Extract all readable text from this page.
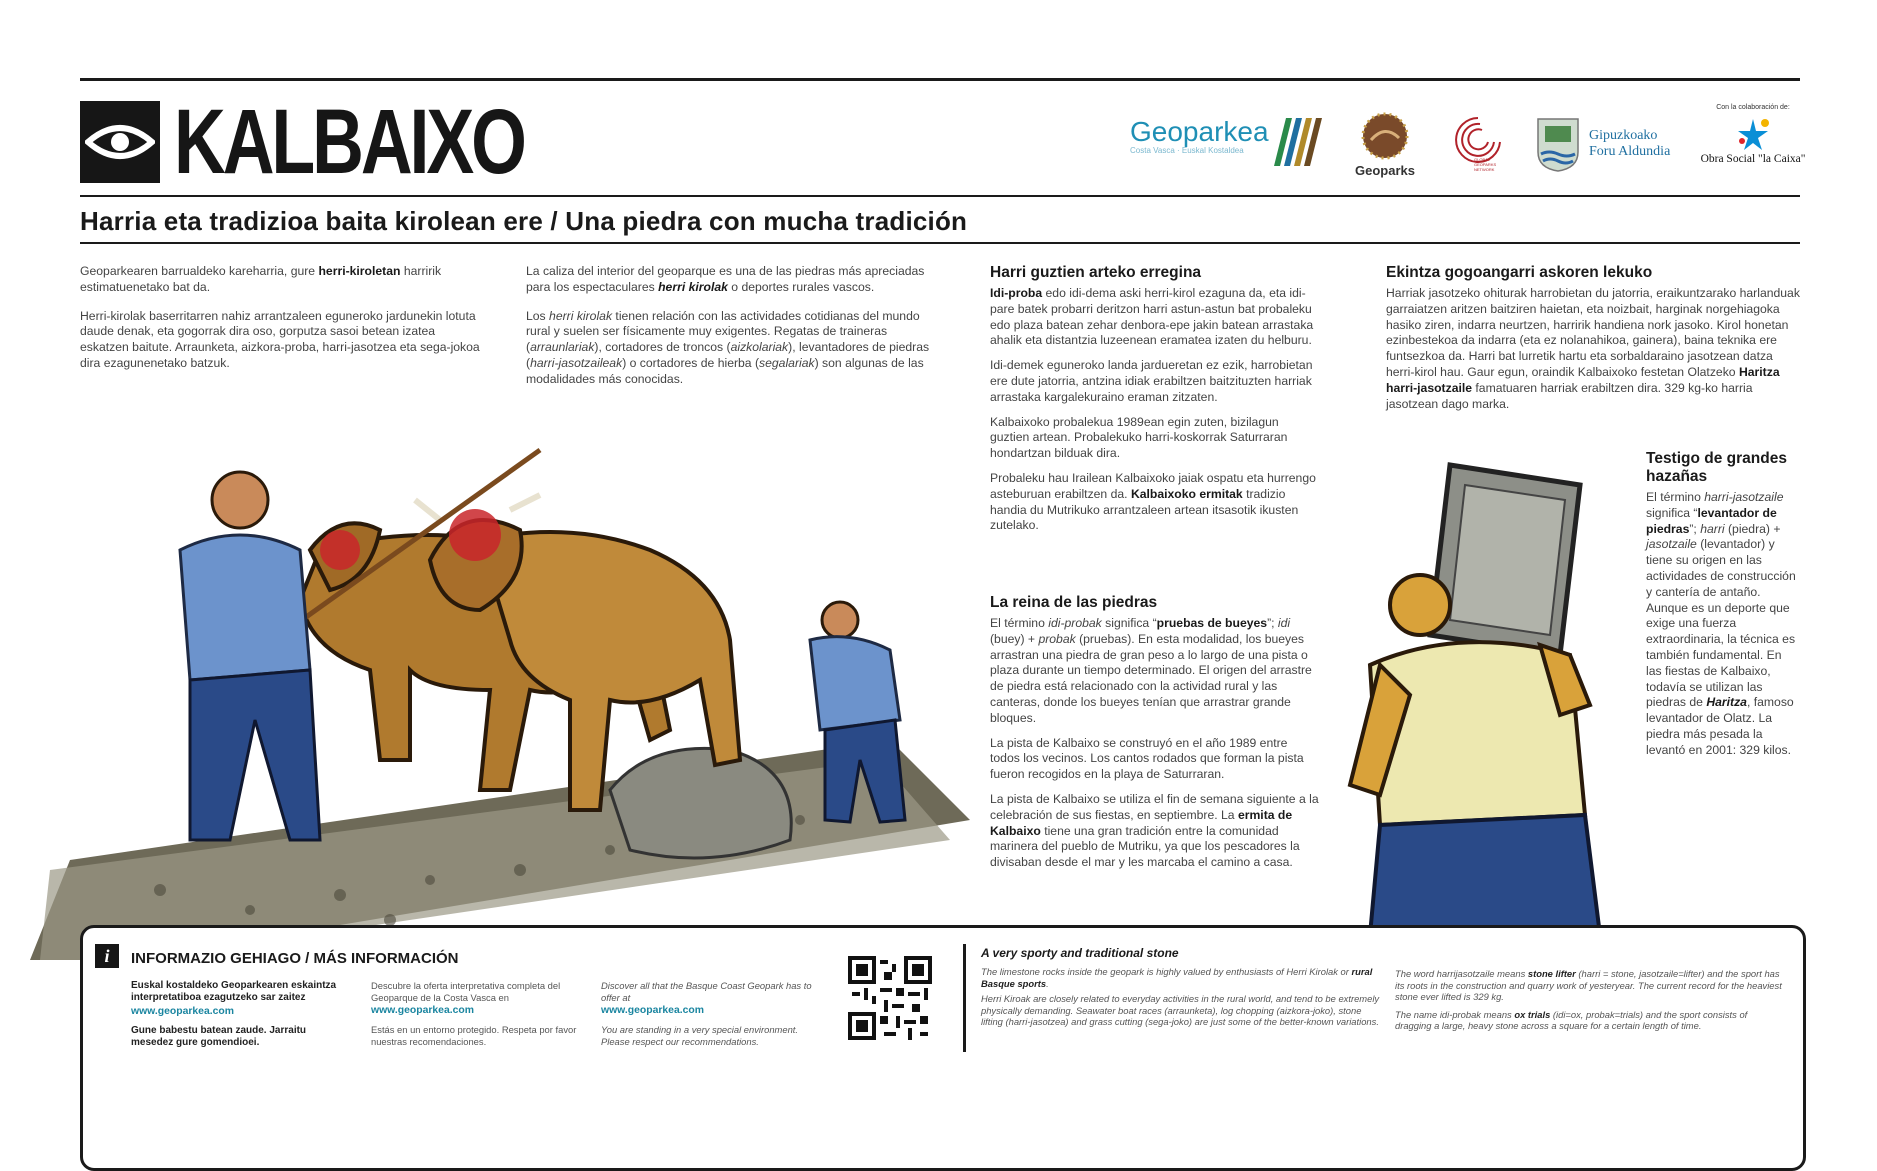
KALBAIXO	Geoparkea
Costa Vasca · Euskal Kostaldea
Geoparks
GLOBAL GEOPARKS NETWORK
Gipuzkoako
Foru Aldundia
Con la colaboración de:
Obra Social "la Caixa"
Harria eta tradizioa baita kirolean ere / Una piedra con mucha tradición

Geoparkearen barrualdeko kareharria, gure herri-kiroletan harririk estimatuenetako bat da.

Herri-kirolak baserritarren nahiz arrantzaleen eguneroko jardunekin lotuta daude denak, eta gogorrak dira oso, gorputza sasoi betean izatea eskatzen baitute. Arraunketa, aizkora-proba, harri-jasotzea eta sega-jokoa dira ezagunenetako batzuk.

La caliza del interior del geoparque es una de las piedras más apreciadas para los espectaculares herri kirolak o deportes rurales vascos.

Los herri kirolak tienen relación con las actividades cotidianas del mundo rural y suelen ser físicamente muy exigentes. Regatas de traineras (arraunlariak), cortadores de troncos (aizkolariak), levantadores de piedras (harri-jasotzaileak) o cortadores de hierba (segalariak) son algunas de las modalidades más conocidas.

Harri guztien arteko erregina

Idi-proba edo idi-dema aski herri-kirol ezaguna da, eta idi-pare batek probarri deritzon harri astun-astun bat probaleku edo plaza batean zehar denbora-epe jakin batean arrastaka ahalik eta distantzia luzeenean eramatea izaten du helburu.

Idi-demek eguneroko landa jardueretan ez ezik, harrobietan ere dute jatorria, antzina idiak erabiltzen baitzituzten harriak arrastaka kargalekuraino eraman zitzaten.

Kalbaixoko probalekua 1989ean egin zuten, bizilagun guztien artean. Probalekuko harri-koskorrak Saturraran hondartzan bilduak dira.

Probaleku hau Irailean Kalbaixoko jaiak ospatu eta hurrengo asteburuan erabiltzen da. Kalbaixoko ermitak tradizio handia du Mutrikuko arrantzaleen artean itsasotik ikusten zutelako.

La reina de las piedras

El término idi-probak significa “pruebas de bueyes”; idi (buey) + probak (pruebas). En esta modalidad, los bueyes arrastran una piedra de gran peso a lo largo de una pista o plaza durante un tiempo determinado. El origen del arrastre de piedra está relacionado con la actividad rural y las canteras, donde los bueyes tenían que arrastrar grande bloques.

La pista de Kalbaixo se construyó en el año 1989 entre todos los vecinos. Los cantos rodados que forman la pista fueron recogidos en la playa de Saturraran.

La pista de Kalbaixo se utiliza el fin de semana siguiente a la celebración de sus fiestas, en septiembre. La ermita de Kalbaixo tiene una gran tradición entre la comunidad marinera del pueblo de Mutriku, ya que los pescadores la divisaban desde el mar y les marcaba el camino a casa.

Ekintza gogoangarri askoren lekuko

Harriak jasotzeko ohiturak harrobietan du jatorria, eraikuntzarako harlanduak garraiatzen aritzen baitziren haietan, eta noizbait, harginak norgehiagoka hasiko ziren, indarra neurtzen, harririk handiena nork jasoko. Kirol honetan ezinbestekoa da indarra (eta ez nolanahikoa, gainera), baina teknika ere funtsezkoa da. Harri bat lurretik hartu eta sorbaldaraino jasotzean datza herri-kirol hau. Gaur egun, oraindik Kalbaixoko festetan Olatzeko Haritza harri-jasotzaile famatuaren harriak erabiltzen dira. 329 kg-ko harria jasotzean dago marka.

Testigo de grandes hazañas

El término harri-jasotzaile significa “levantador de piedras”; harri (piedra) + jasotzaile (levantador) y tiene su origen en las actividades de construcción y cantería de antaño. Aunque es un deporte que exige una fuerza extraordinaria, la técnica es también fundamental. En las fiestas de Kalbaixo, todavía se utilizan las piedras de Haritza, famoso levantador de Olatz. La piedra más pesada la levantó en 2001: 329 kilos.

i	INFORMAZIO GEHIAGO / MÁS INFORMACIÓN
Euskal kostaldeko Geoparkearen eskaintza interpretatiboa ezagutzeko sar zaitez
www.geoparkea.com
Gune babestu batean zaude. Jarraitu mesedez gure gomendioei.
Descubre la oferta interpretativa completa del Geoparque de la Costa Vasca en
www.geoparkea.com
Estás en un entorno protegido. Respeta por favor nuestras recomendaciones.
Discover all that the Basque Coast Geopark has to offer at
www.geoparkea.com
You are standing in a very special environment. Please respect our recommendations.
A very sporty and traditional stone
The limestone rocks inside the geopark is highly valued by enthusiasts of Herri Kirolak or rural Basque sports.
Herri Kiroak are closely related to everyday activities in the rural world, and tend to be extremely physically demanding. Seawater boat races (arraunketa), log chopping (aizkora-joko), stone lifting (harri-jasotzea) and grass cutting (sega-joko) are just some of the better-known variations.
The word harrijasotzaile means stone lifter (harri = stone, jasotzaile=lifter) and the sport has its roots in the construction and quarry work of yesteryear. The current record for the heaviest stone ever lifted is 329 kg.
The name idi-probak means ox trials (idi=ox, probak=trials) and the sport consists of dragging a large, heavy stone across a square for a certain length of time.
